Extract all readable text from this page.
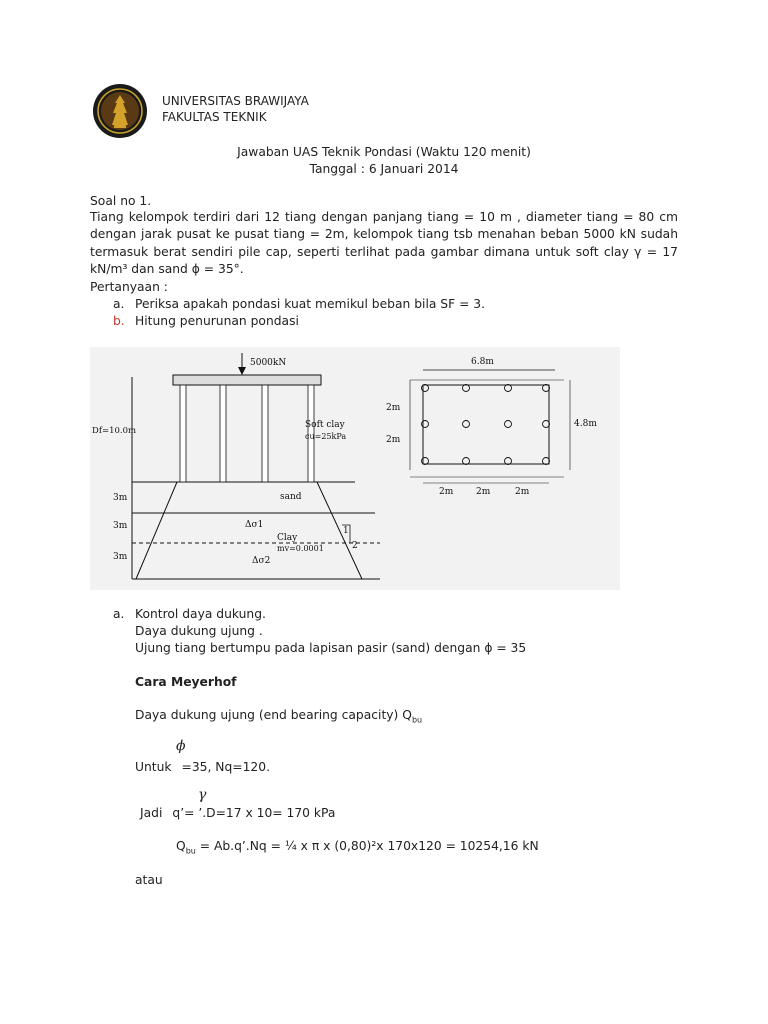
UNIVERSITAS BRAWIJAYA
FAKULTAS TEKNIK
Jawaban UAS Teknik Pondasi (Waktu 120 menit)
Tanggal : 6 Januari 2014
Soal no 1.
Tiang kelompok terdiri dari 12 tiang dengan panjang tiang = 10 m , diameter tiang = 80 cm dengan jarak pusat ke pusat tiang = 2m, kelompok tiang tsb menahan beban 5000 kN sudah termasuk berat sendiri pile cap, seperti terlihat pada gambar dimana untuk soft clay γ = 17 kN/m³ dan sand ϕ = 35°.
Pertanyaan :
a. Periksa apakah pondasi kuat memikul beban bila SF = 3.
b. Hitung penurunan pondasi
5000kN
Df=10.0m
Soft clay
cu=25kPa
sand
Clay
mv=0.0001
Δσ1
Δσ2
1
2
3m
3m
3m
6.8m
4.8m
2m
2m
2m	2m	2m
a. Kontrol daya dukung.
Daya dukung ujung .
Ujung tiang bertumpu pada lapisan pasir (sand) dengan ϕ = 35
Cara Meyerhof
Daya dukung ujung (end bearing capacity) $Q_{bu}$
ϕ
Untuk =35, Nq=120.
γ
Jadi q’= ’.D=17 x 10= 170 kPa
$Q_{bu}$ = Ab.q’.Nq = ¼ x π x (0,80)²x 170x120 = 10254,16 kN
atau
